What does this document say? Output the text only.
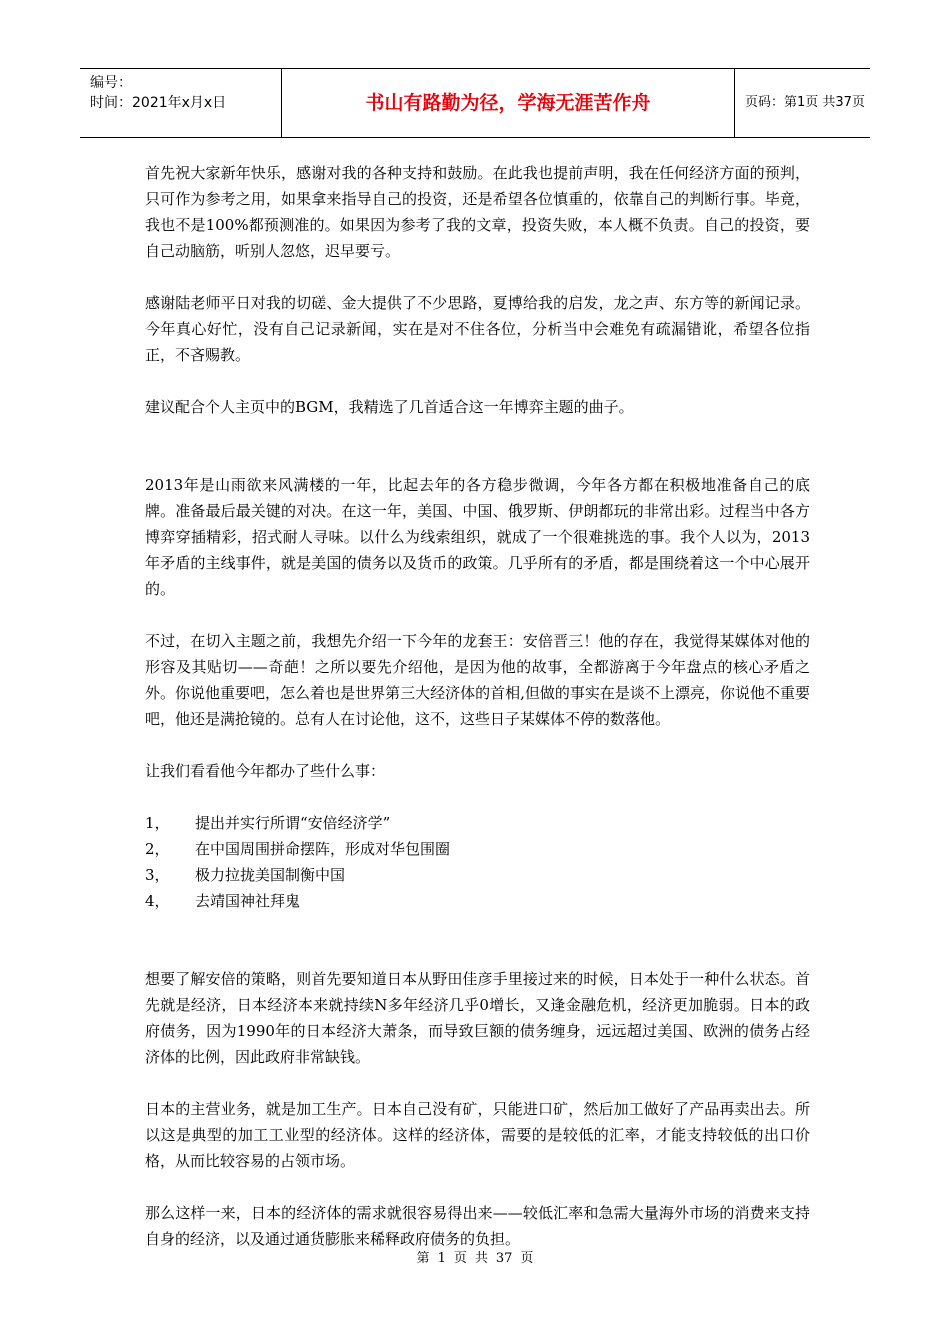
编号：
时间：2021年x月x日	书山有路勤为径，学海无涯苦作舟	页码：第1页 共37页

首先祝大家新年快乐，感谢对我的各种支持和鼓励。在此我也提前声明，我在任何经济方面的预判，只可作为参考之用，如果拿来指导自己的投资，还是希望各位慎重的，依靠自己的判断行事。毕竟，我也不是100%都预测准的。如果因为参考了我的文章，投资失败，本人概不负责。自己的投资，要自己动脑筋，听别人忽悠，迟早要亏。

感谢陆老师平日对我的切磋、金大提供了不少思路，夏博给我的启发，龙之声、东方等的新闻记录。今年真心好忙，没有自己记录新闻，实在是对不住各位，分析当中会难免有疏漏错讹，希望各位指正，不吝赐教。

建议配合个人主页中的BGM，我精选了几首适合这一年博弈主题的曲子。

2013年是山雨欲来风满楼的一年，比起去年的各方稳步微调，今年各方都在积极地准备自己的底牌。准备最后最关键的对决。在这一年，美国、中国、俄罗斯、伊朗都玩的非常出彩。过程当中各方博弈穿插精彩，招式耐人寻味。以什么为线索组织，就成了一个很难挑选的事。我个人以为，2013年矛盾的主线事件，就是美国的债务以及货币的政策。几乎所有的矛盾，都是围绕着这一个中心展开的。

不过，在切入主题之前，我想先介绍一下今年的龙套王：安倍晋三！他的存在，我觉得某媒体对他的形容及其贴切——奇葩！之所以要先介绍他，是因为他的故事，全都游离于今年盘点的核心矛盾之外。你说他重要吧，怎么着也是世界第三大经济体的首相,但做的事实在是谈不上漂亮，你说他不重要吧，他还是满抢镜的。总有人在讨论他，这不，这些日子某媒体不停的数落他。

让我们看看他今年都办了些什么事：

1， 提出并实行所谓“安倍经济学”
2， 在中国周围拼命摆阵，形成对华包围圈
3， 极力拉拢美国制衡中国
4， 去靖国神社拜鬼

想要了解安倍的策略，则首先要知道日本从野田佳彦手里接过来的时候，日本处于一种什么状态。首先就是经济，日本经济本来就持续N多年经济几乎0增长，又逢金融危机，经济更加脆弱。日本的政府债务，因为1990年的日本经济大萧条，而导致巨额的债务缠身，远远超过美国、欧洲的债务占经济体的比例，因此政府非常缺钱。

日本的主营业务，就是加工生产。日本自己没有矿，只能进口矿，然后加工做好了产品再卖出去。所以这是典型的加工工业型的经济体。这样的经济体，需要的是较低的汇率，才能支持较低的出口价格，从而比较容易的占领市场。

那么这样一来，日本的经济体的需求就很容易得出来——较低汇率和急需大量海外市场的消费来支持自身的经济，以及通过通货膨胀来稀释政府债务的负担。

第 1 页 共 37 页
